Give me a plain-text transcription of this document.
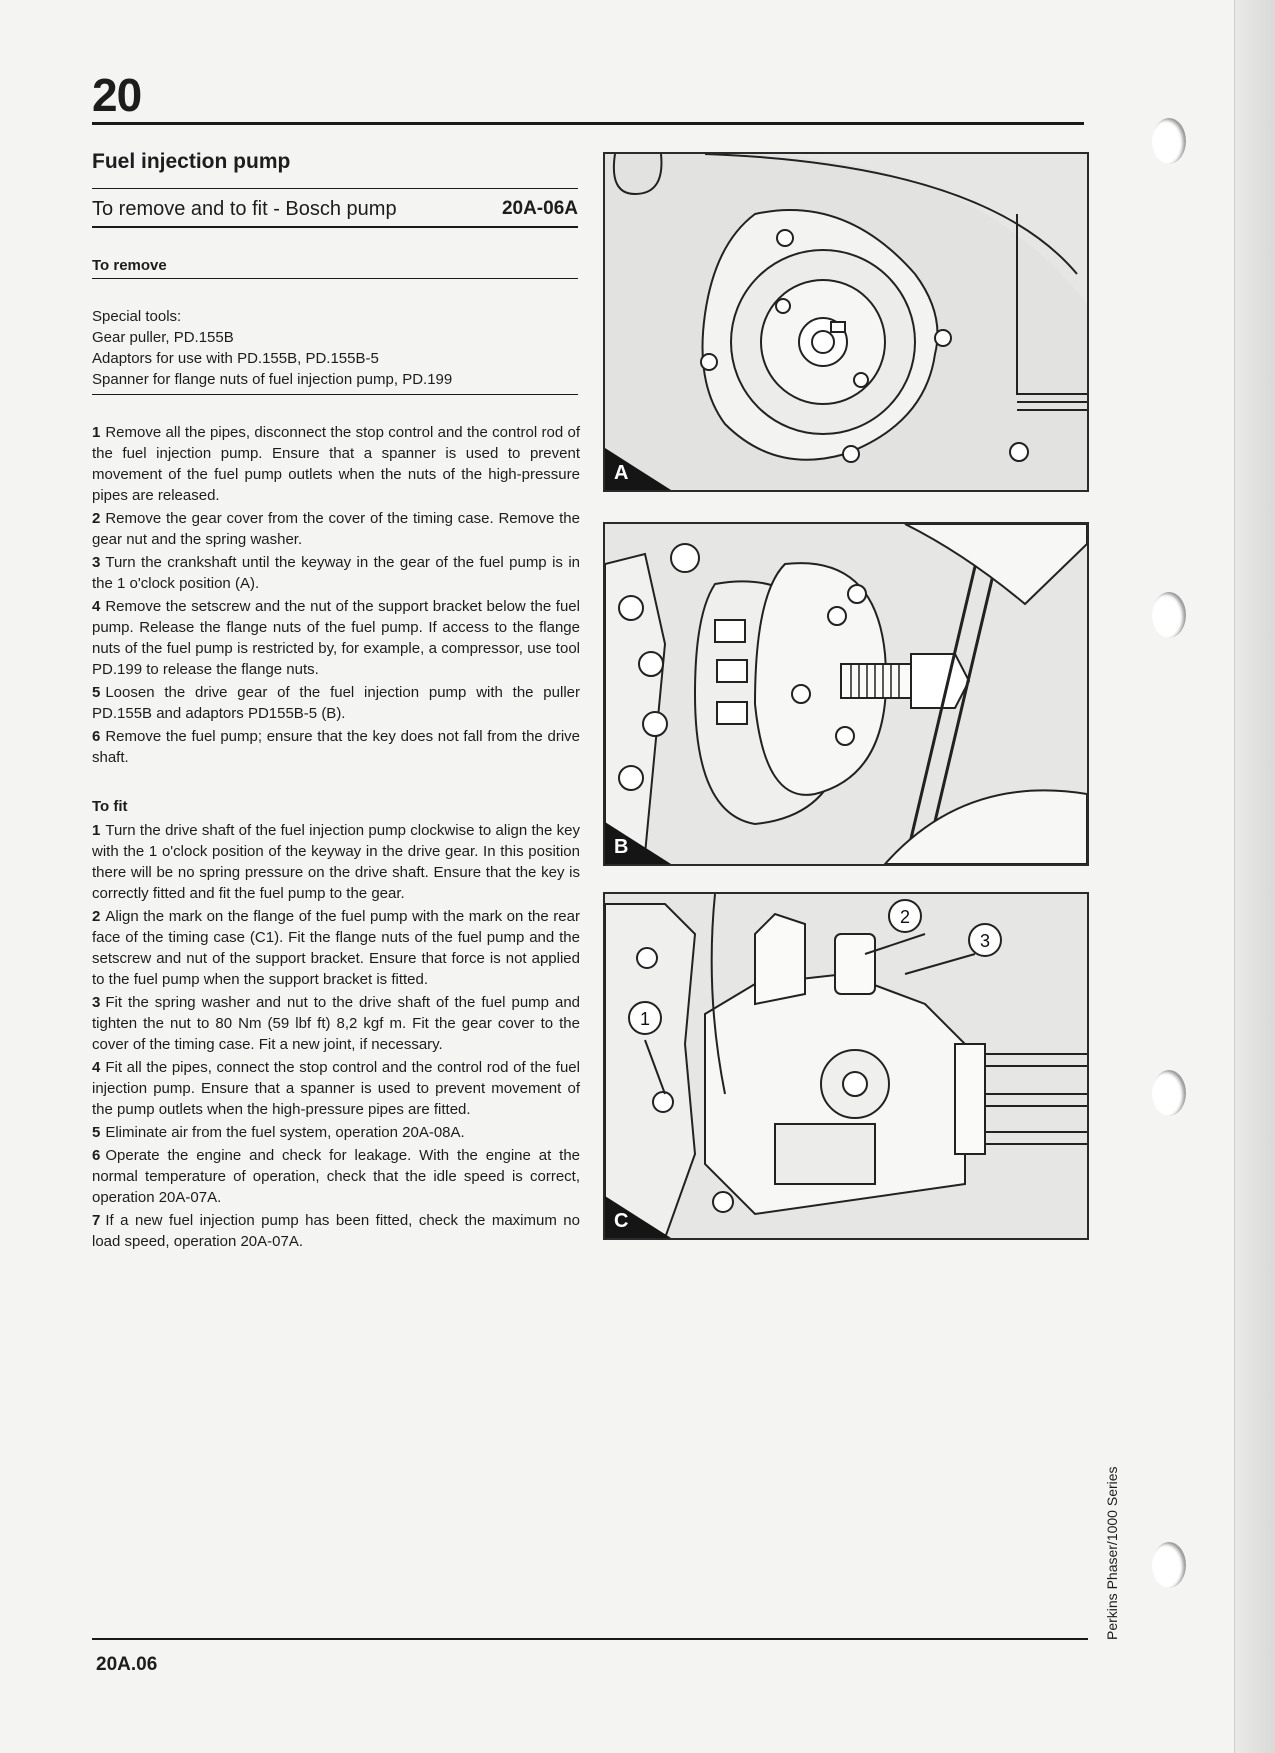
20
Fuel injection pump
To remove and to fit - Bosch pump	20A-06A
To remove
Special tools:
Gear puller, PD.155B
Adaptors for use with PD.155B, PD.155B-5
Spanner for flange nuts of fuel injection pump, PD.199
1 Remove all the pipes, disconnect the stop control and the control rod of the fuel injection pump. Ensure that a spanner is used to prevent movement of the fuel pump outlets when the nuts of the high-pressure pipes are released.
2 Remove the gear cover from the cover of the timing case. Remove the gear nut and the spring washer.
3 Turn the crankshaft until the keyway in the gear of the fuel pump is in the 1 o'clock position (A).
4 Remove the setscrew and the nut of the support bracket below the fuel pump. Release the flange nuts of the fuel pump. If access to the flange nuts of the fuel pump is restricted by, for example, a compressor, use tool PD.199 to release the flange nuts.
5 Loosen the drive gear of the fuel injection pump with the puller PD.155B and adaptors PD155B-5 (B).
6 Remove the fuel pump; ensure that the key does not fall from the drive shaft.
To fit
1 Turn the drive shaft of the fuel injection pump clockwise to align the key with the 1 o'clock position of the keyway in the drive gear. In this position there will be no spring pressure on the drive shaft. Ensure that the key is correctly fitted and fit the fuel pump to the gear.
2 Align the mark on the flange of the fuel pump with the mark on the rear face of the timing case (C1). Fit the flange nuts of the fuel pump and the setscrew and nut of the support bracket. Ensure that force is not applied to the fuel pump when the support bracket is fitted.
3 Fit the spring washer and nut to the drive shaft of the fuel pump and tighten the nut to 80 Nm (59 lbf ft) 8,2 kgf m. Fit the gear cover to the cover of the timing case. Fit a new joint, if necessary.
4 Fit all the pipes, connect the stop control and the control rod of the fuel injection pump. Ensure that a spanner is used to prevent movement of the pump outlets when the high-pressure pipes are fitted.
5 Eliminate air from the fuel system, operation 20A-08A.
6 Operate the engine and check for leakage. With the engine at the normal temperature of operation, check that the idle speed is correct, operation 20A-07A.
7 If a new fuel injection pump has been fitted, check the maximum no load speed, operation 20A-07A.
A
B
2
3
1
C
Perkins Phaser/1000 Series
20A.06
